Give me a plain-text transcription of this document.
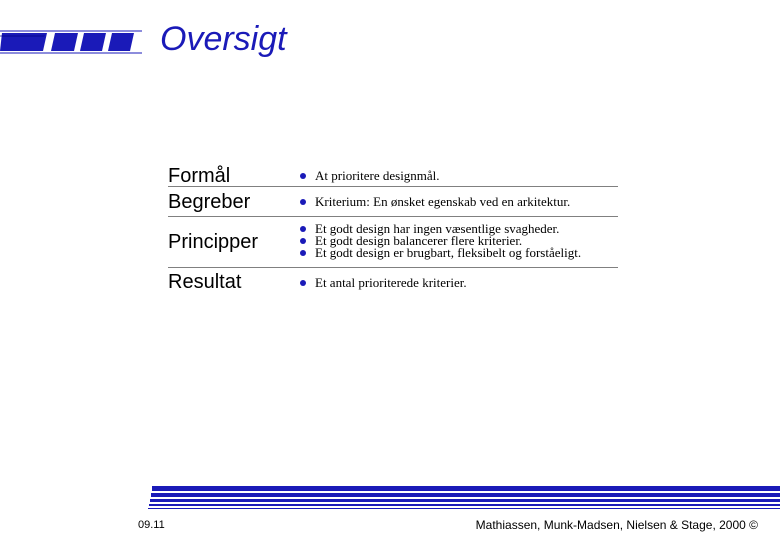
Oversigt
Formål
Begreber
At prioritere designmål.
Kriterium: En ønsket egenskab ved en arkitektur.
Principper
Et godt design har ingen væsentlige svagheder.
Et godt design balancerer flere kriterier.
Et godt design er brugbart, fleksibelt og forståeligt.
Resultat	Et antal prioriterede kriterier.
09.11	Mathiassen, Munk-Madsen, Nielsen & Stage, 2000 ©
